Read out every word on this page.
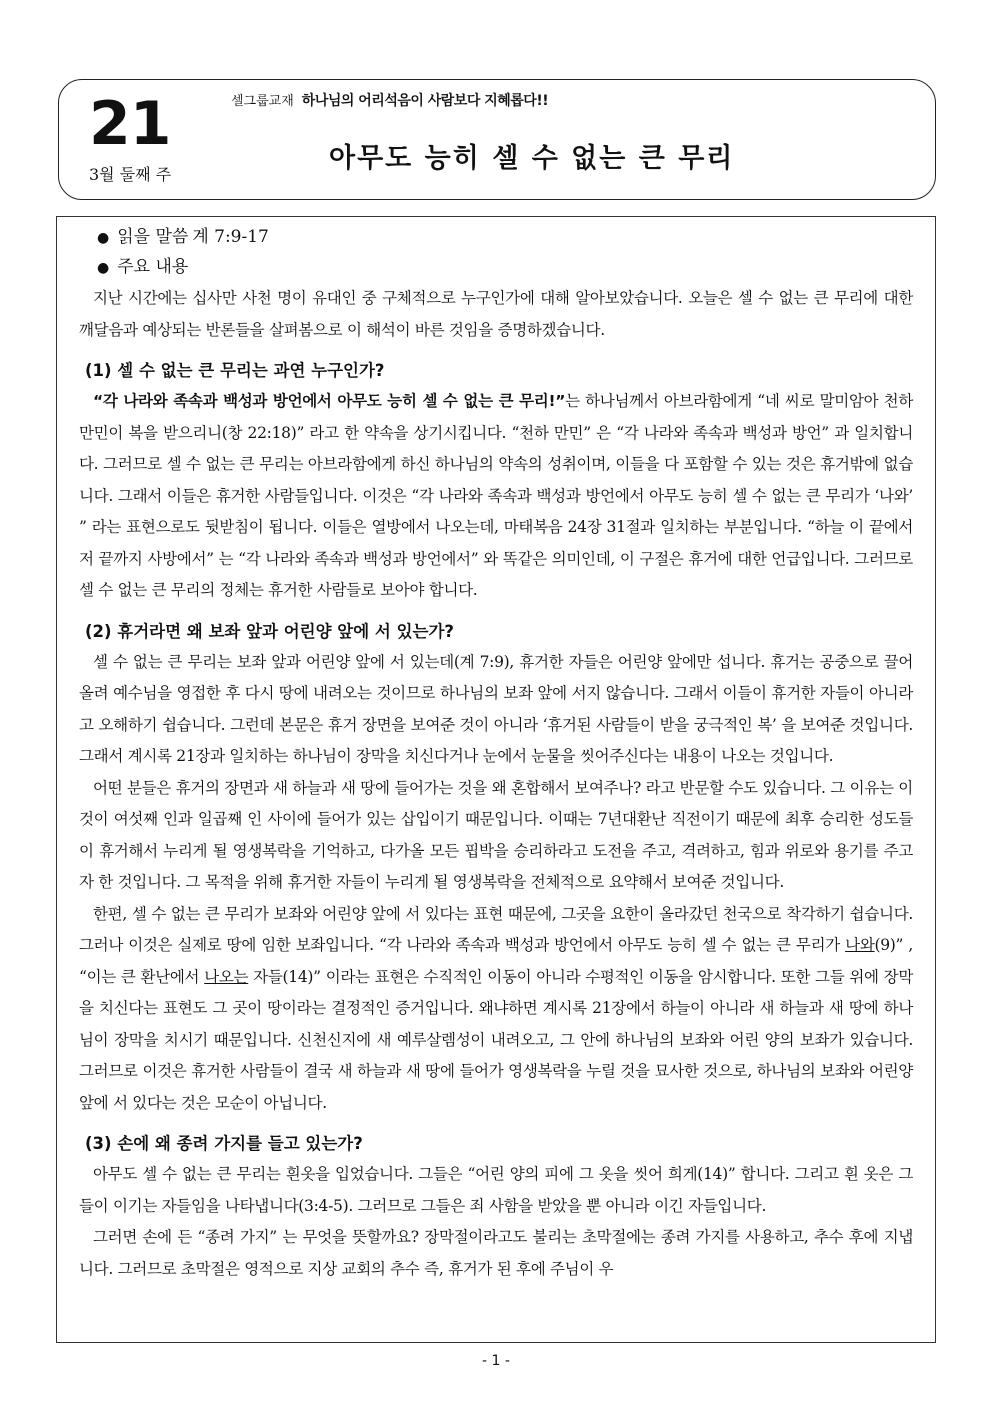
21
3월 둘째 주
셀그룹교재 하나님의 어리석음이 사람보다 지혜롭다!!
아무도 능히 셀 수 없는 큰 무리
● 읽을 말씀 계 7:9-17
● 주요 내용

지난 시간에는 십사만 사천 명이 유대인 중 구체적으로 누구인가에 대해 알아보았습니다. 오늘은 셀 수 없는 큰 무리에 대한 깨달음과 예상되는 반론들을 살펴봄으로 이 해석이 바른 것임을 증명하겠습니다.

(1) 셀 수 없는 큰 무리는 과연 누구인가?

“각 나라와 족속과 백성과 방언에서 아무도 능히 셀 수 없는 큰 무리!”는 하나님께서 아브라함에게 “네 씨로 말미암아 천하 만민이 복을 받으리니(창 22:18)” 라고 한 약속을 상기시킵니다. “천하 만민” 은 “각 나라와 족속과 백성과 방언” 과 일치합니다. 그러므로 셀 수 없는 큰 무리는 아브라함에게 하신 하나님의 약속의 성취이며, 이들을 다 포함할 수 있는 것은 휴거밖에 없습니다. 그래서 이들은 휴거한 사람들입니다. 이것은 “각 나라와 족속과 백성과 방언에서 아무도 능히 셀 수 없는 큰 무리가 ‘나와’ ” 라는 표현으로도 뒷받침이 됩니다. 이들은 열방에서 나오는데, 마태복음 24장 31절과 일치하는 부분입니다. “하늘 이 끝에서 저 끝까지 사방에서” 는 “각 나라와 족속과 백성과 방언에서” 와 똑같은 의미인데, 이 구절은 휴거에 대한 언급입니다. 그러므로 셀 수 없는 큰 무리의 정체는 휴거한 사람들로 보아야 합니다.

(2) 휴거라면 왜 보좌 앞과 어린양 앞에 서 있는가?

셀 수 없는 큰 무리는 보좌 앞과 어린양 앞에 서 있는데(계 7:9), 휴거한 자들은 어린양 앞에만 섭니다. 휴거는 공중으로 끌어 올려 예수님을 영접한 후 다시 땅에 내려오는 것이므로 하나님의 보좌 앞에 서지 않습니다. 그래서 이들이 휴거한 자들이 아니라고 오해하기 쉽습니다. 그런데 본문은 휴거 장면을 보여준 것이 아니라 ‘휴거된 사람들이 받을 궁극적인 복’ 을 보여준 것입니다. 그래서 계시록 21장과 일치하는 하나님이 장막을 치신다거나 눈에서 눈물을 씻어주신다는 내용이 나오는 것입니다.

어떤 분들은 휴거의 장면과 새 하늘과 새 땅에 들어가는 것을 왜 혼합해서 보여주나? 라고 반문할 수도 있습니다. 그 이유는 이것이 여섯째 인과 일곱째 인 사이에 들어가 있는 삽입이기 때문입니다. 이때는 7년대환난 직전이기 때문에 최후 승리한 성도들이 휴거해서 누리게 될 영생복락을 기억하고, 다가올 모든 핍박을 승리하라고 도전을 주고, 격려하고, 힘과 위로와 용기를 주고자 한 것입니다. 그 목적을 위해 휴거한 자들이 누리게 될 영생복락을 전체적으로 요약해서 보여준 것입니다.

한편, 셀 수 없는 큰 무리가 보좌와 어린양 앞에 서 있다는 표현 때문에, 그곳을 요한이 올라갔던 천국으로 착각하기 쉽습니다. 그러나 이것은 실제로 땅에 임한 보좌입니다. “각 나라와 족속과 백성과 방언에서 아무도 능히 셀 수 없는 큰 무리가 나와(9)” , “이는 큰 환난에서 나오는 자들(14)” 이라는 표현은 수직적인 이동이 아니라 수평적인 이동을 암시합니다. 또한 그들 위에 장막을 치신다는 표현도 그 곳이 땅이라는 결정적인 증거입니다. 왜냐하면 계시록 21장에서 하늘이 아니라 새 하늘과 새 땅에 하나님이 장막을 치시기 때문입니다. 신천신지에 새 예루살렘성이 내려오고, 그 안에 하나님의 보좌와 어린 양의 보좌가 있습니다. 그러므로 이것은 휴거한 사람들이 결국 새 하늘과 새 땅에 들어가 영생복락을 누릴 것을 묘사한 것으로, 하나님의 보좌와 어린양 앞에 서 있다는 것은 모순이 아닙니다.

(3) 손에 왜 종려 가지를 들고 있는가?

아무도 셀 수 없는 큰 무리는 흰옷을 입었습니다. 그들은 “어린 양의 피에 그 옷을 씻어 희게(14)” 합니다. 그리고 흰 옷은 그들이 이기는 자들임을 나타냅니다(3:4-5). 그러므로 그들은 죄 사함을 받았을 뿐 아니라 이긴 자들입니다.

그러면 손에 든 “종려 가지” 는 무엇을 뜻할까요? 장막절이라고도 불리는 초막절에는 종려 가지를 사용하고, 추수 후에 지냅니다. 그러므로 초막절은 영적으로 지상 교회의 추수 즉, 휴거가 된 후에 주님이 우

- 1 -
